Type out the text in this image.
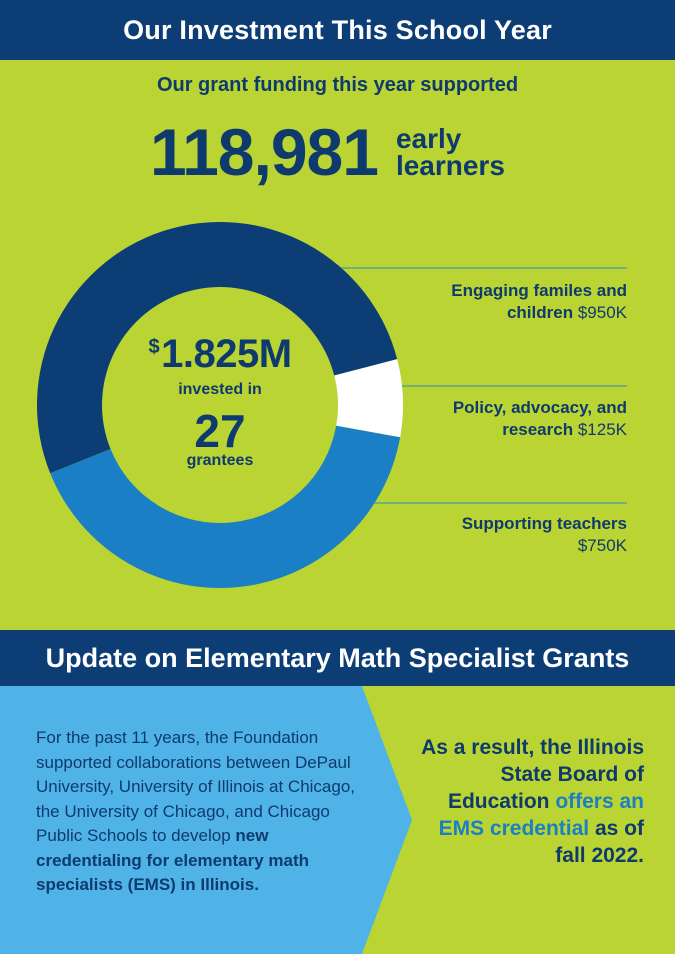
Our Investment This School Year
Our grant funding this year supported
118,981 early
learners
$1.825M
invested in
27
grantees
Engaging familes and
children $950K
Policy, advocacy, and
research $125K
Supporting teachers
$750K
Update on Elementary Math Specialist Grants
For the past 11 years, the Foundation supported collaborations between DePaul University, University of Illinois at Chicago, the University of Chicago, and Chicago Public Schools to develop new credentialing for elementary math specialists (EMS) in Illinois.
As a result, the Illinois State Board of Education offers an EMS credential as of fall 2022.
